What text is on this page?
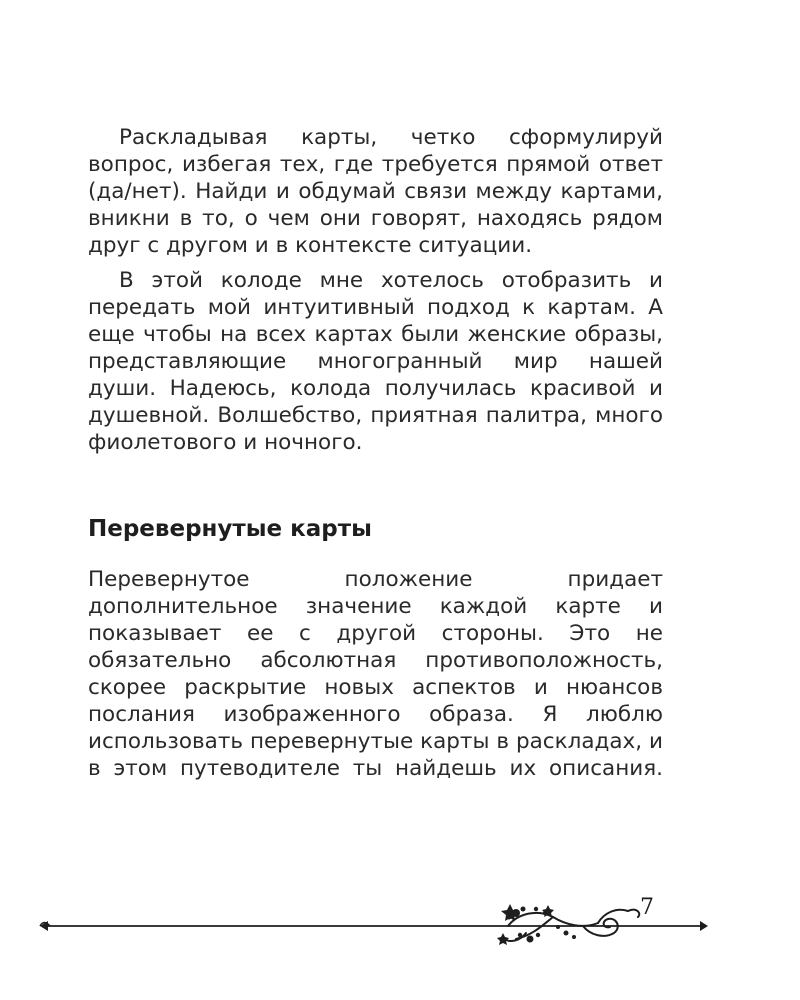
Раскладывая карты, четко сформулируй вопрос, избегая тех, где требуется прямой ответ (да/нет). Найди и обдумай связи между картами, вникни в то, о чем они говорят, находясь рядом друг с другом и в контексте ситуации.

В этой колоде мне хотелось отобразить и передать мой интуитивный подход к картам. А еще чтобы на всех картах были женские образы, представляющие многогранный мир нашей души. Надеюсь, колода получилась красивой и душевной. Волшебство, приятная палитра, много фиолетового и ночного.

Перевернутые карты

Перевернутое положение придает дополнительное значение каждой карте и показывает ее с другой стороны. Это не обязательно абсолютная противоположность, скорее раскрытие новых аспектов и нюансов послания изображенного образа. Я люблю использовать перевернутые карты в раскладах, и в этом путеводителе ты найдешь их описания.

7
